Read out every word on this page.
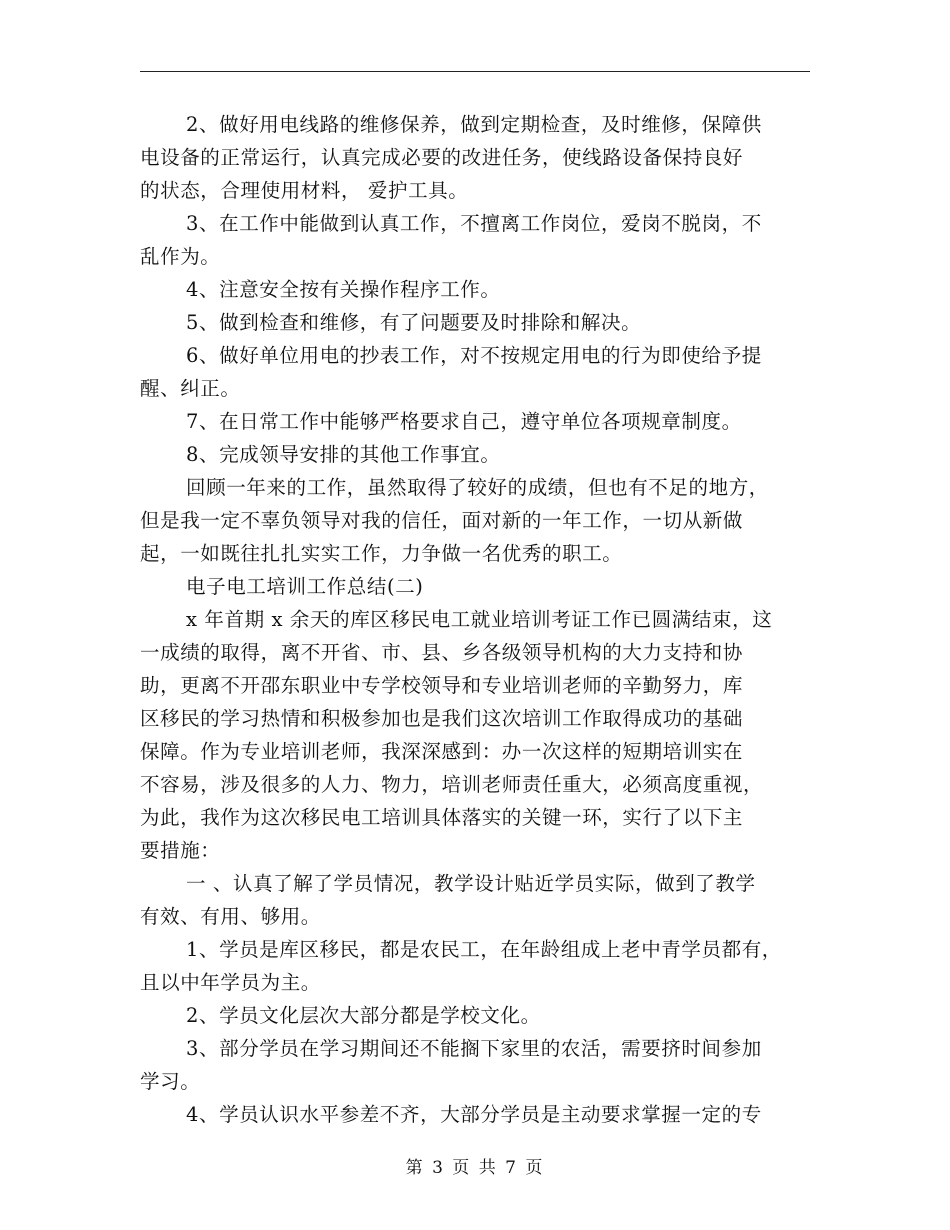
2、做好用电线路的维修保养，做到定期检查，及时维修，保障供
电设备的正常运行，认真完成必要的改进任务，使线路设备保持良好
的状态，合理使用材料， 爱护工具。
3、在工作中能做到认真工作，不擅离工作岗位，爱岗不脱岗，不
乱作为。
4、注意安全按有关操作程序工作。
5、做到检查和维修，有了问题要及时排除和解决。
6、做好单位用电的抄表工作，对不按规定用电的行为即使给予提
醒、纠正。
7、在日常工作中能够严格要求自己，遵守单位各项规章制度。
8、完成领导安排的其他工作事宜。
回顾一年来的工作，虽然取得了较好的成绩，但也有不足的地方，
但是我一定不辜负领导对我的信任，面对新的一年工作，一切从新做
起，一如既往扎扎实实工作，力争做一名优秀的职工。
电子电工培训工作总结(二)
x 年首期 x 余天的库区移民电工就业培训考证工作已圆满结束，这
一成绩的取得，离不开省、市、县、乡各级领导机构的大力支持和协
助，更离不开邵东职业中专学校领导和专业培训老师的辛勤努力，库
区移民的学习热情和积极参加也是我们这次培训工作取得成功的基础
保障。作为专业培训老师，我深深感到：办一次这样的短期培训实在
不容易，涉及很多的人力、物力，培训老师责任重大，必须高度重视，
为此，我作为这次移民电工培训具体落实的关键一环，实行了以下主
要措施：
一 、认真了解了学员情况，教学设计贴近学员实际，做到了教学
有效、有用、够用。
1、学员是库区移民，都是农民工，在年龄组成上老中青学员都有，
且以中年学员为主。
2、学员文化层次大部分都是学校文化。
3、部分学员在学习期间还不能搁下家里的农活，需要挤时间参加
学习。
4、学员认识水平参差不齐，大部分学员是主动要求掌握一定的专
第 3 页 共 7 页
